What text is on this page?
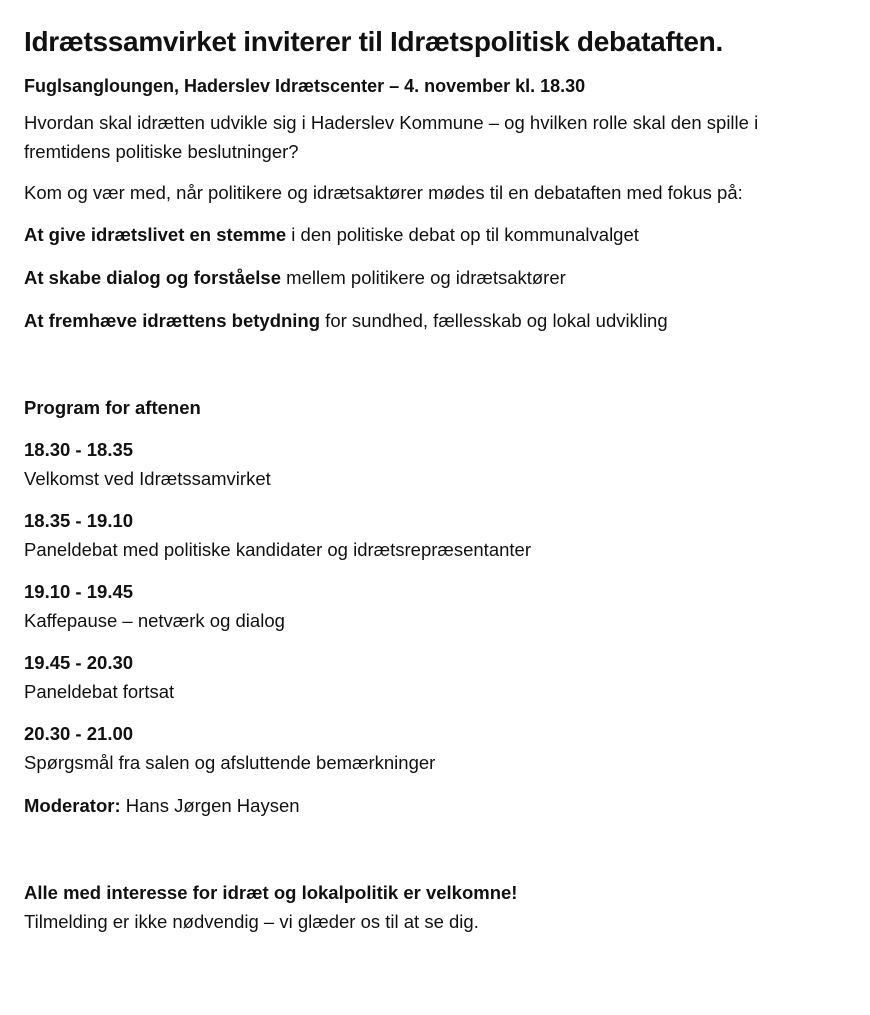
Idrætssamvirket inviterer til Idrætspolitisk debataften.

Fuglsangloungen, Haderslev Idrætscenter – 4. november kl. 18.30

Hvordan skal idrætten udvikle sig i Haderslev Kommune – og hvilken rolle skal den spille i fremtidens politiske beslutninger?

Kom og vær med, når politikere og idrætsaktører mødes til en debataften med fokus på:

At give idrætslivet en stemme i den politiske debat op til kommunalvalget

At skabe dialog og forståelse mellem politikere og idrætsaktører

At fremhæve idrættens betydning for sundhed, fællesskab og lokal udvikling

Program for aftenen
18.30 - 18.35
Velkomst ved Idrætssamvirket
18.35 - 19.10
Paneldebat med politiske kandidater og idrætsrepræsentanter
19.10 - 19.45
Kaffepause – netværk og dialog
19.45 - 20.30
Paneldebat fortsat
20.30 - 21.00
Spørgsmål fra salen og afsluttende bemærkninger

Moderator: Hans Jørgen Haysen

Alle med interesse for idræt og lokalpolitik er velkomne!

Tilmelding er ikke nødvendig – vi glæder os til at se dig.
